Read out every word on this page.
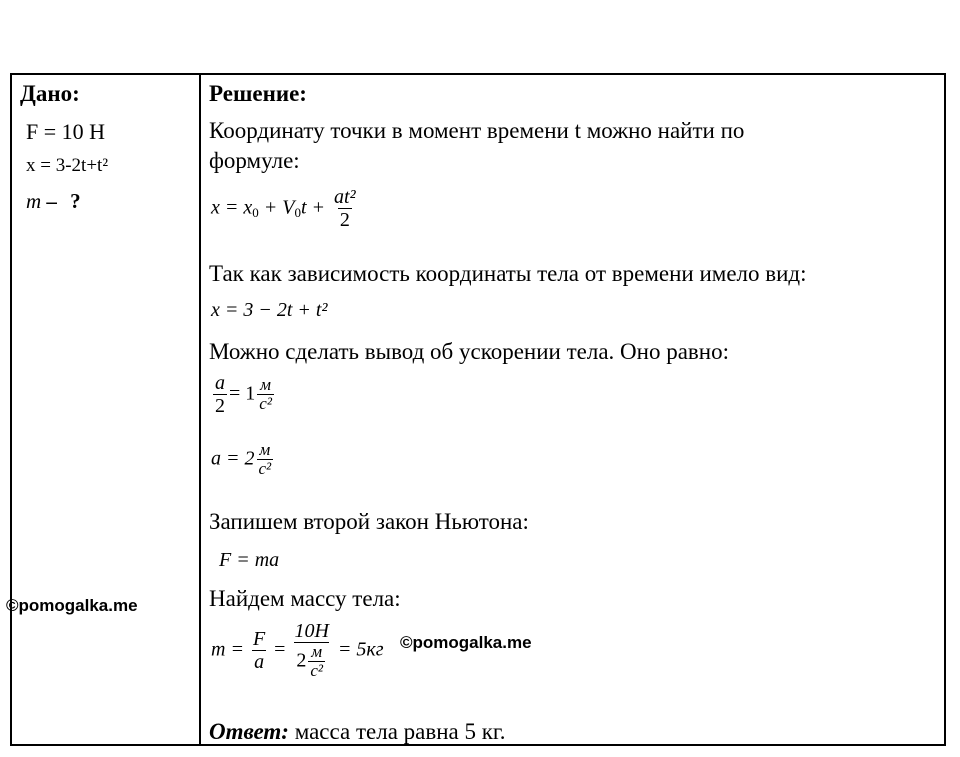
Дано:
F = 10 Н
x = 3-2t+t²
m – ?
Решение:
Координату точки в момент времени t можно найти по
формуле:
$x = x_0 + V_0t + \frac{\text{at²}}{2}$
Так как зависимость координаты тела от времени имело вид:
x = 3 − 2t + t²
Можно сделать вывод об ускорении тела. Оно равно:
$\frac{a}{2} = 1 \frac{м}{\text{c²}}$
$a = 2 \frac{м}{\text{c²}}$
Запишем второй закон Ньютона:
F = ma
Найдем массу тела:
$m = \frac{F}{a} = \frac{10H}{2 \frac{м}{\text{c²}}} = 5кг$
Ответ: масса тела равна 5 кг.
©pomogalka.me
©pomogalka.me
